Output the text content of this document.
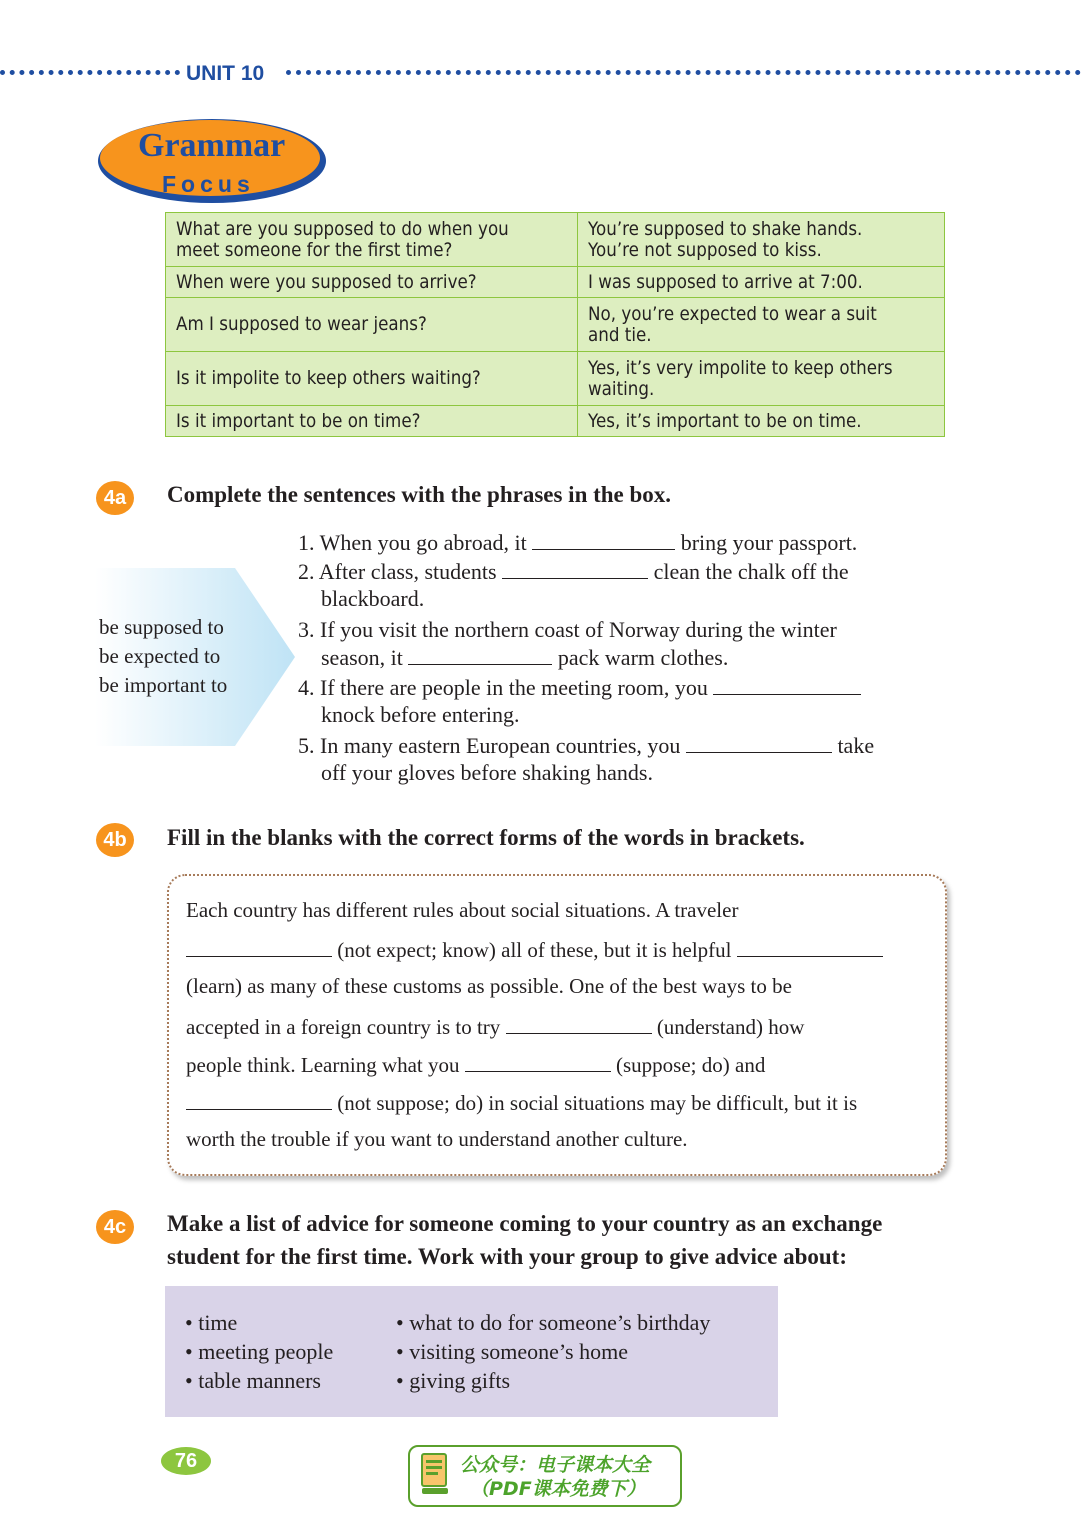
UNIT 10
Grammar
Focus
What are you supposed to do when you
meet someone for the first time?	You’re supposed to shake hands.
You’re not supposed to kiss.
When were you supposed to arrive?	I was supposed to arrive at 7:00.
Am I supposed to wear jeans?	No, you’re expected to wear a suit
and tie.
Is it impolite to keep others waiting?	Yes, it’s very impolite to keep others
waiting.
Is it important to be on time?	Yes, it’s important to be on time.
4a	Complete the sentences with the phrases in the box.
be supposed to
be expected to
be important to
1. When you go abroad, it	bring your passport.
2. After class, students	clean the chalk off the
blackboard.
3. If you visit the northern coast of Norway during the winter
season, it	pack warm clothes.
4. If there are people in the meeting room, you
knock before entering.
5. In many eastern European countries, you	take
off your gloves before shaking hands.
4b	Fill in the blanks with the correct forms of the words in brackets.
Each country has different rules about social situations. A traveler
(not expect; know) all of these, but it is helpful
(learn) as many of these customs as possible. One of the best ways to be
accepted in a foreign country is to try	(understand) how
people think. Learning what you	(suppose; do) and
(not suppose; do) in social situations may be difficult, but it is
worth the trouble if you want to understand another culture.
4c	Make a list of advice for someone coming to your country as an exchange
student for the first time. Work with your group to give advice about:
• time
• meeting people
• table manners
• what to do for someone’s birthday
• visiting someone’s home
• giving gifts
76	公众号：电子课本大全
（PDF课本免费下）
